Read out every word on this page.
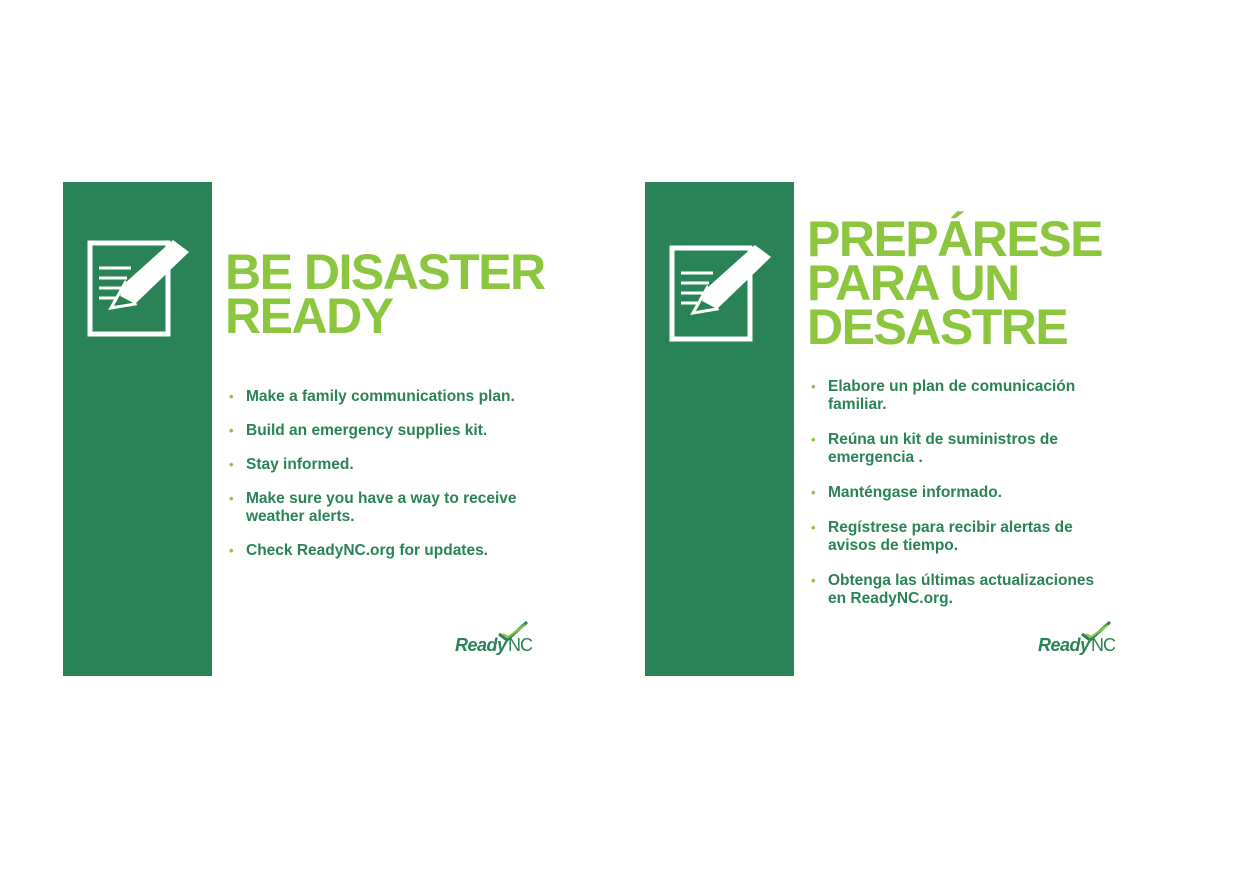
BE DISASTER
READY
• Make a family communications plan.
• Build an emergency supplies kit.
• Stay informed.
• Make sure you have a way to receive weather alerts.
• Check ReadyNC.org for updates.
Ready NC
PREPÁRESE
PARA UN
DESASTRE
• Elabore un plan de comunicación familiar.
• Reúna un kit de suministros de emergencia .
• Manténgase informado.
• Regístrese para recibir alertas de avisos de tiempo.
• Obtenga las últimas actualizaciones en ReadyNC.org.
Ready NC
